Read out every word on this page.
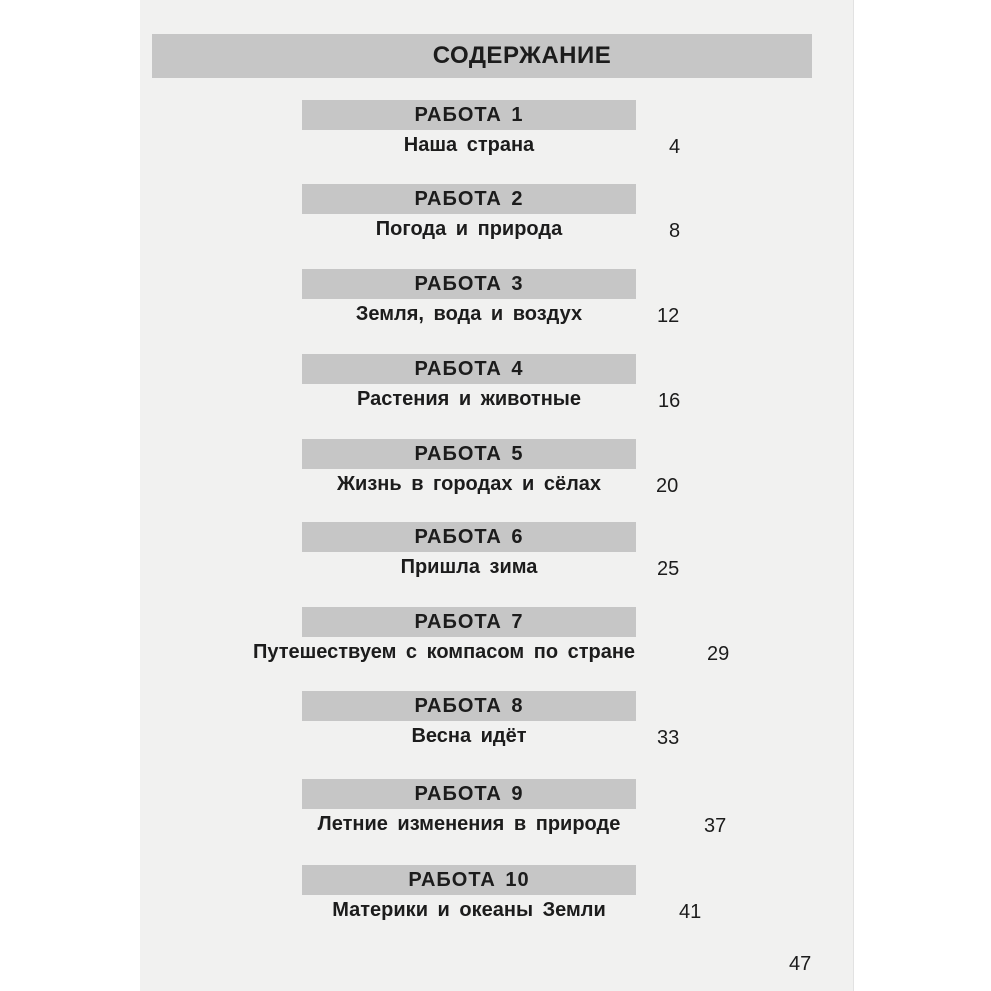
СОДЕРЖАНИЕ
РАБОТА 1
Наша страна	4
РАБОТА 2
Погода и природа	8
РАБОТА 3
Земля, вода и воздух	12
РАБОТА 4
Растения и животные	16
РАБОТА 5
Жизнь в городах и сёлах	20
РАБОТА 6
Пришла зима	25
РАБОТА 7
Путешествуем с компасом по стране	29
РАБОТА 8
Весна идёт	33
РАБОТА 9
Летние изменения в природе	37
РАБОТА 10
Материки и океаны Земли	41
47
